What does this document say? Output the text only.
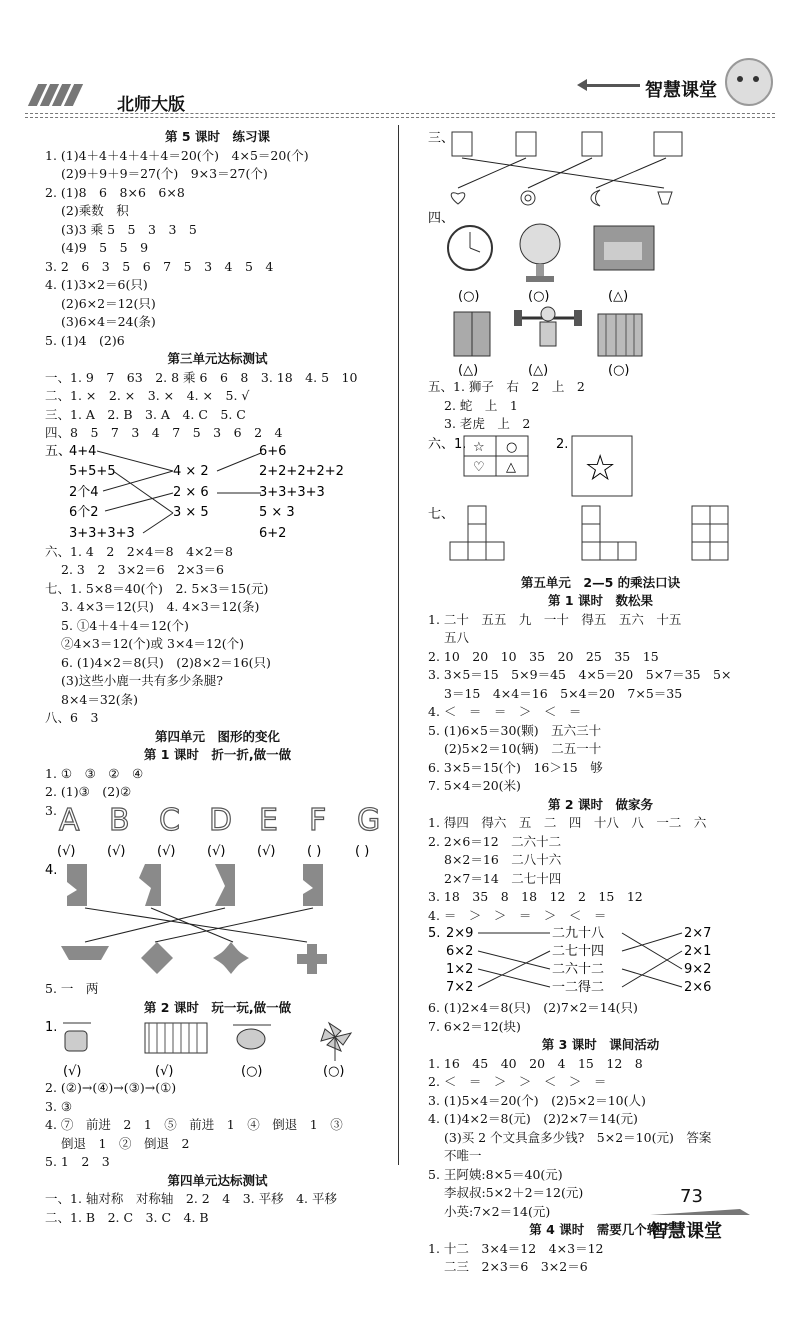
北师大版
智慧课堂
第 5 课时　练习课
1. (1)4＋4＋4＋4＋4＝20(个)　4×5＝20(个)
(2)9＋9＋9＝27(个)　9×3＝27(个)
2. (1)8　6　8×6　6×8
(2)乘数　积
(3)3 乘 5　5　3　3　5
(4)9　5　5　9
3. 2　6　3　5　6　7　5　3　4　5　4
4. (1)3×2＝6(只)
(2)6×2＝12(只)
(3)6×4＝24(条)
5. (1)4　(2)6
第三单元达标测试
一、1. 9　7　63　2. 8 乘 6　6　8　3. 18　4. 5　10
二、1. ×　2. ×　3. ×　4. ×　5. √
三、1. A　2. B　3. A　4. C　5. C
四、8　5　7　3　4　7　5　3　6　2　4
五、
4+4
5+5+5
2个4
6个2
3+3+3+3
4 × 2
2 × 6
3 × 5
6+6
2+2+2+2+2
3+3+3+3
5 × 3
6+2
六、1. 4　2　2×4＝8　4×2＝8
2. 3　2　3×2＝6　2×3＝6
七、1. 5×8＝40(个)　2. 5×3＝15(元)
3. 4×3＝12(只)　4. 4×3＝12(条)
5. ①4＋4＋4＝12(个)
②4×3＝12(个)或 3×4＝12(个)
6. (1)4×2＝8(只)　(2)8×2＝16(只)
(3)这些小鹿一共有多少条腿?
8×4＝32(条)
八、6　3
第四单元　图形的变化
第 1 课时　折一折,做一做
1. ①　③　②　④
2. (1)③　(2)②
3. A B C D E F G
(√) (√) (√) (√) (√) ( )	( )
4.
5. 一　两
第 2 课时　玩一玩,做一做
1.
(√)	(√)	(○)	(○)
2. (②)→(④)→(③)→(①)
3. ③
4. ⑦　前进　2　1　⑤　前进　1　④　倒退　1　③
倒退　1　②　倒退　2
5. 1　2　3
第四单元达标测试
一、1. 轴对称　对称轴　2. 2　4　3. 平移　4. 平移
二、1. B　2. C　3. C　4. B
三、
四、
(○)	(○)	(△)
(△)	(△)	(○)
五、1. 狮子　右　2　上　2
2. 蛇　上　1
3. 老虎　上　2
六、1. ☆ ○
♡ △
2.
☆
七、
第五单元　2—5 的乘法口诀
第 1 课时　数松果
1. 二十　五五　九　一十　得五　五六　十五
五八
2. 10　20　10　35　20　25　35　15
3. 3×5＝15　5×9＝45　4×5＝20　5×7＝35　5×
3＝15　4×4＝16　5×4＝20　7×5＝35
4. ＜　＝　＝　＞　＜　＝
5. (1)6×5＝30(颗)　五六三十
(2)5×2＝10(辆)　二五一十
6. 3×5＝15(个)　16＞15　够
7. 5×4＝20(米)
第 2 课时　做家务
1. 得四　得六　五　二　四　十八　八　一二　六
2. 2×6＝12　二六十二
8×2＝16　二八十六
2×7＝14　二七十四
3. 18　35　8　18　12　2　15　12
4. ＝　＞　＞　＝　＞　＜　＝
5. 2×9
6×2
1×2
7×2
二九十八
二七十四
二六十二
一二得二
2×7
2×1
9×2
2×6
6. (1)2×4＝8(只)　(2)7×2＝14(只)
7. 6×2＝12(块)
第 3 课时　课间活动
1. 16　45　40　20　4　15　12　8
2. ＜　＝　＞　＞　＜　＞　＝
3. (1)5×4＝20(个)　(2)5×2＝10(人)
4. (1)4×2＝8(元)　(2)2×7＝14(元)
(3)买 2 个文具盒多少钱?　5×2＝10(元)　答案
不唯一
5. 王阿姨:8×5＝40(元)
李叔叔:5×2＋2＝12(元)
小英:7×2＝14(元)
第 4 课时　需要几个轮子
1. 十二　3×4＝12　4×3＝12
二三　2×3＝6　3×2＝6
73
智慧课堂
